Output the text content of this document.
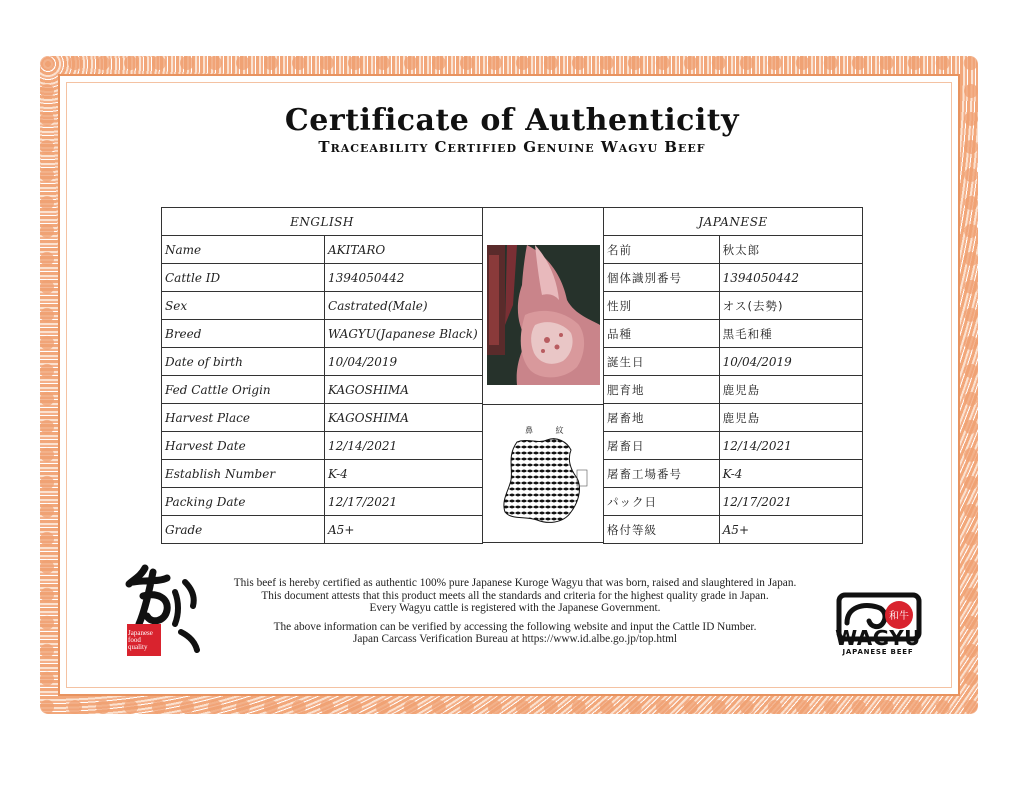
Certificate of Authenticity
Traceability Certified Genuine Wagyu Beef
ENGLISH	
Name	AKITARO
Cattle ID	1394050442
Sex	Castrated(Male)
Breed	WAGYU(Japanese Black)
Date of birth	10/04/2019
Fed Cattle Origin	KAGOSHIMA
Harvest Place	KAGOSHIMA
Harvest Date	12/14/2021
Establish Number	K-4
Packing Date	12/17/2021
Grade	A5+
鼻 紋
JAPANESE	
名前	秋太郎
個体識別番号	1394050442
性別	オス(去勢)
品種	黒毛和種
誕生日	10/04/2019
肥育地	鹿児島
屠畜地	鹿児島
屠畜日	12/14/2021
屠畜工場番号	K-4
パック日	12/17/2021
格付等級	A5+
Japanese
food
quality

This beef is hereby certified as authentic 100% pure Japanese Kuroge Wagyu that was born, raised and slaughtered in Japan.

This document attests that this product meets all the standards and criteria for the highest quality grade in Japan.

Every Wagyu cattle is registered with the Japanese Government.

The above information can be verified by accessing the following website and input the Cattle ID Number.

Japan Carcass Verification Bureau at https://www.id.albe.go.jp/top.html

和牛
WAGYU
JAPANESE BEEF
